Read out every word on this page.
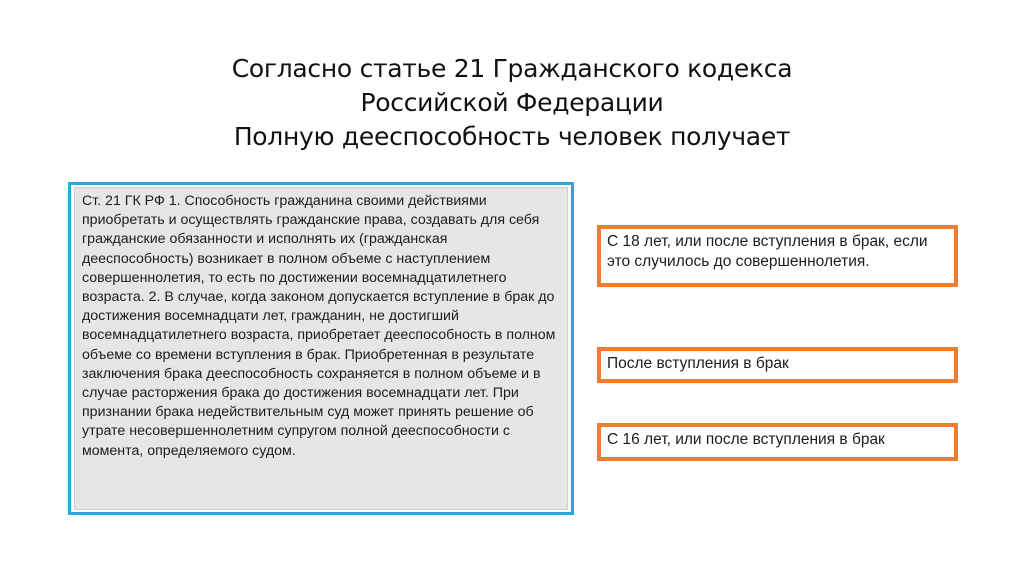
Согласно статье 21 Гражданского кодекса
Российской Федерации
Полную дееспособность человек получает
Ст. 21 ГК РФ 1. Способность гражданина своими действиями приобретать и осуществлять гражданские права, создавать для себя гражданские обязанности и исполнять их (гражданская дееспособность) возникает в полном объеме с наступлением совершеннолетия, то есть по достижении восемнадцатилетнего возраста. 2. В случае, когда законом допускается вступление в брак до достижения восемнадцати лет, гражданин, не достигший восемнадцатилетнего возраста, приобретает дееспособность в полном объеме со времени вступления в брак. Приобретенная в результате заключения брака дееспособность сохраняется в полном объеме и в случае расторжения брака до достижения восемнадцати лет. При признании брака недействительным суд может принять решение об утрате несовершеннолетним супругом полной дееспособности с момента, определяемого судом.
С 18 лет, или после вступления в брак, если это случилось до совершеннолетия.
После вступления в брак
С 16 лет, или после вступления в брак
